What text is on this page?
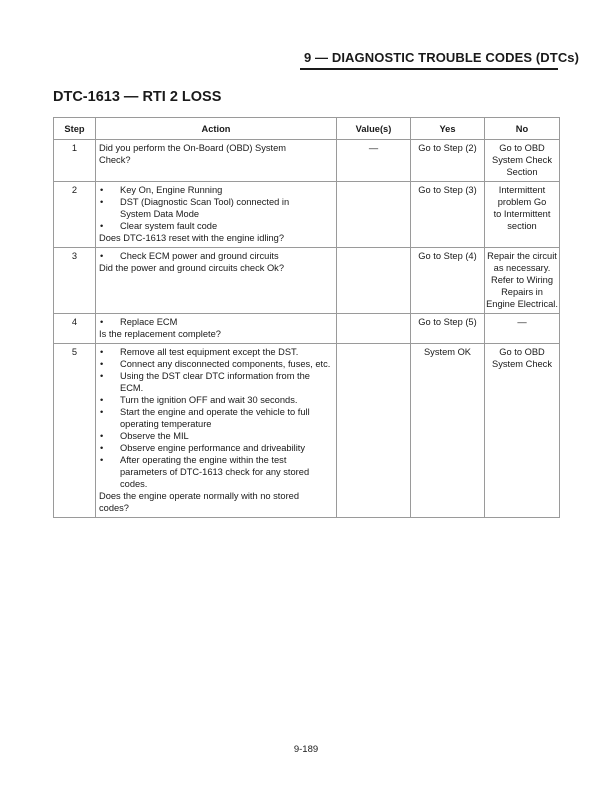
9 — DIAGNOSTIC TROUBLE CODES (DTCs)
DTC-1613 — RTI 2 LOSS
Step	Action	Value(s)	Yes	No
1	Did you perform the On-Board (OBD) System Check?	—	Go to Step (2)	Go to OBD System Check Section
2	•	Key On, Engine Running
•	DST (Diagnostic Scan Tool) connected in System Data Mode
•	Clear system fault code
Does DTC-1613 reset with the engine idling?
		Go to Step (3)	Intermittent problem Go to Intermittent section
3	• Check ECM power and ground circuits
Did the power and ground circuits check Ok?		Go to Step (4)	Repair the circuit as necessary. Refer to Wiring Repairs in Engine Electrical.
4	• Replace ECM
Is the replacement complete?		Go to Step (5)	—
5	•	Remove all test equipment except the DST.
•	Connect any disconnected components, fuses, etc.
•	Using the DST clear DTC information from the ECM.
•	Turn the ignition OFF and wait 30 seconds.
•	Start the engine and operate the vehicle to full operating temperature
•	Observe the MIL
•	Observe engine performance and driveability
•	After operating the engine within the test parameters of DTC-1613 check for any stored codes.
Does the engine operate normally with no stored codes?
		System OK	Go to OBD System Check
9-189
